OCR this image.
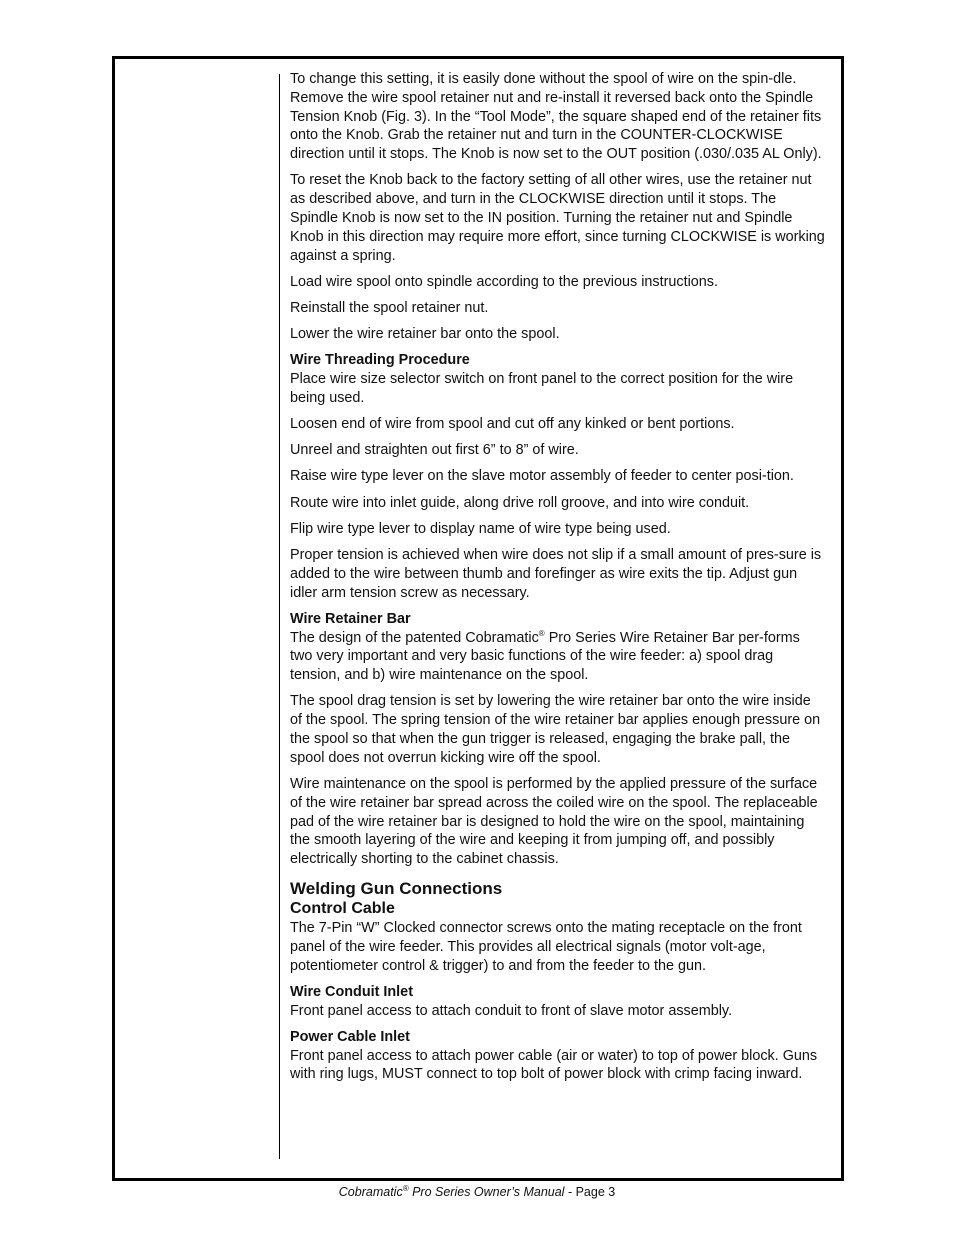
To change this setting, it is easily done without the spool of wire on the spin-dle. Remove the wire spool retainer nut and re-install it reversed back onto the Spindle Tension Knob (Fig. 3). In the “Tool Mode”, the square shaped end of the retainer fits onto the Knob. Grab the retainer nut and turn in the COUNTER-CLOCKWISE direction until it stops. The Knob is now set to the OUT position (.030/.035 AL Only).

To reset the Knob back to the factory setting of all other wires, use the retainer nut as described above, and turn in the CLOCKWISE direction until it stops. The Spindle Knob is now set to the IN position. Turning the retainer nut and Spindle Knob in this direction may require more effort, since turning CLOCKWISE is working against a spring.

Load wire spool onto spindle according to the previous instructions.

Reinstall the spool retainer nut.

Lower the wire retainer bar onto the spool.

Wire Threading Procedure
Place wire size selector switch on front panel to the correct position for the wire being used.

Loosen end of wire from spool and cut off any kinked or bent portions.

Unreel and straighten out first 6” to 8” of wire.

Raise wire type lever on the slave motor assembly of feeder to center posi-tion.

Route wire into inlet guide, along drive roll groove, and into wire conduit.

Flip wire type lever to display name of wire type being used.

Proper tension is achieved when wire does not slip if a small amount of pres-sure is added to the wire between thumb and forefinger as wire exits the tip. Adjust gun idler arm tension screw as necessary.

Wire Retainer Bar
The design of the patented Cobramatic® Pro Series Wire Retainer Bar per-forms two very important and very basic functions of the wire feeder: a) spool drag tension, and b) wire maintenance on the spool.

The spool drag tension is set by lowering the wire retainer bar onto the wire inside of the spool. The spring tension of the wire retainer bar applies enough pressure on the spool so that when the gun trigger is released, engaging the brake pall, the spool does not overrun kicking wire off the spool.

Wire maintenance on the spool is performed by the applied pressure of the surface of the wire retainer bar spread across the coiled wire on the spool. The replaceable pad of the wire retainer bar is designed to hold the wire on the spool, maintaining the smooth layering of the wire and keeping it from jumping off, and possibly electrically shorting to the cabinet chassis.

Welding Gun Connections
Control Cable
The 7-Pin “W” Clocked connector screws onto the mating receptacle on the front panel of the wire feeder. This provides all electrical signals (motor volt-age, potentiometer control & trigger) to and from the feeder to the gun.
Wire Conduit Inlet
Front panel access to attach conduit to front of slave motor assembly.
Power Cable Inlet
Front panel access to attach power cable (air or water) to top of power block. Guns with ring lugs, MUST connect to top bolt of power block with crimp facing inward.
Cobramatic® Pro Series Owner’s Manual - Page 3
